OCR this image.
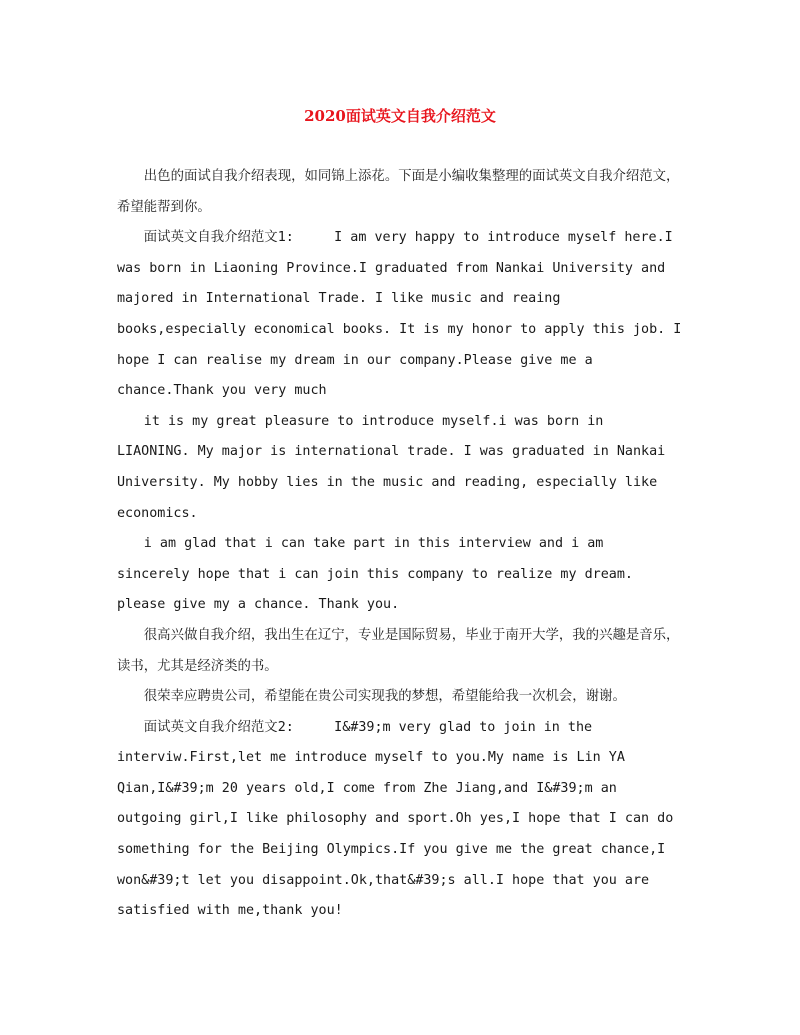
2020面试英文自我介绍范文

出色的面试自我介绍表现，如同锦上添花。下面是小编收集整理的面试英文自我介绍范文，希望能帮到你。

面试英文自我介绍范文1:     I am very happy to introduce myself here.I was born in Liaoning Province.I graduated from Nankai University and majored in International Trade. I like music and reaing books,especially economical books. It is my honor to apply this job. I hope I can realise my dream in our company.Please give me a chance.Thank you very much

it is my great pleasure to introduce myself.i was born in LIAONING. My major is international trade. I was graduated in Nankai University. My hobby lies in the music and reading, especially like economics.

i am glad that i can take part in this interview and i am sincerely hope that i can join this company to realize my dream. please give my a chance. Thank you.

很高兴做自我介绍，我出生在辽宁，专业是国际贸易，毕业于南开大学，我的兴趣是音乐，读书，尤其是经济类的书。

很荣幸应聘贵公司，希望能在贵公司实现我的梦想，希望能给我一次机会，谢谢。

面试英文自我介绍范文2:     I&#39;m very glad to join in the interviw.First,let me introduce myself to you.My name is Lin YA Qian,I&#39;m 20 years old,I come from Zhe Jiang,and I&#39;m an outgoing girl,I like philosophy and sport.Oh yes,I hope that I can do something for the Beijing Olympics.If you give me the great chance,I won&#39;t let you disappoint.Ok,that&#39;s all.I hope that you are satisfied with me,thank you!
